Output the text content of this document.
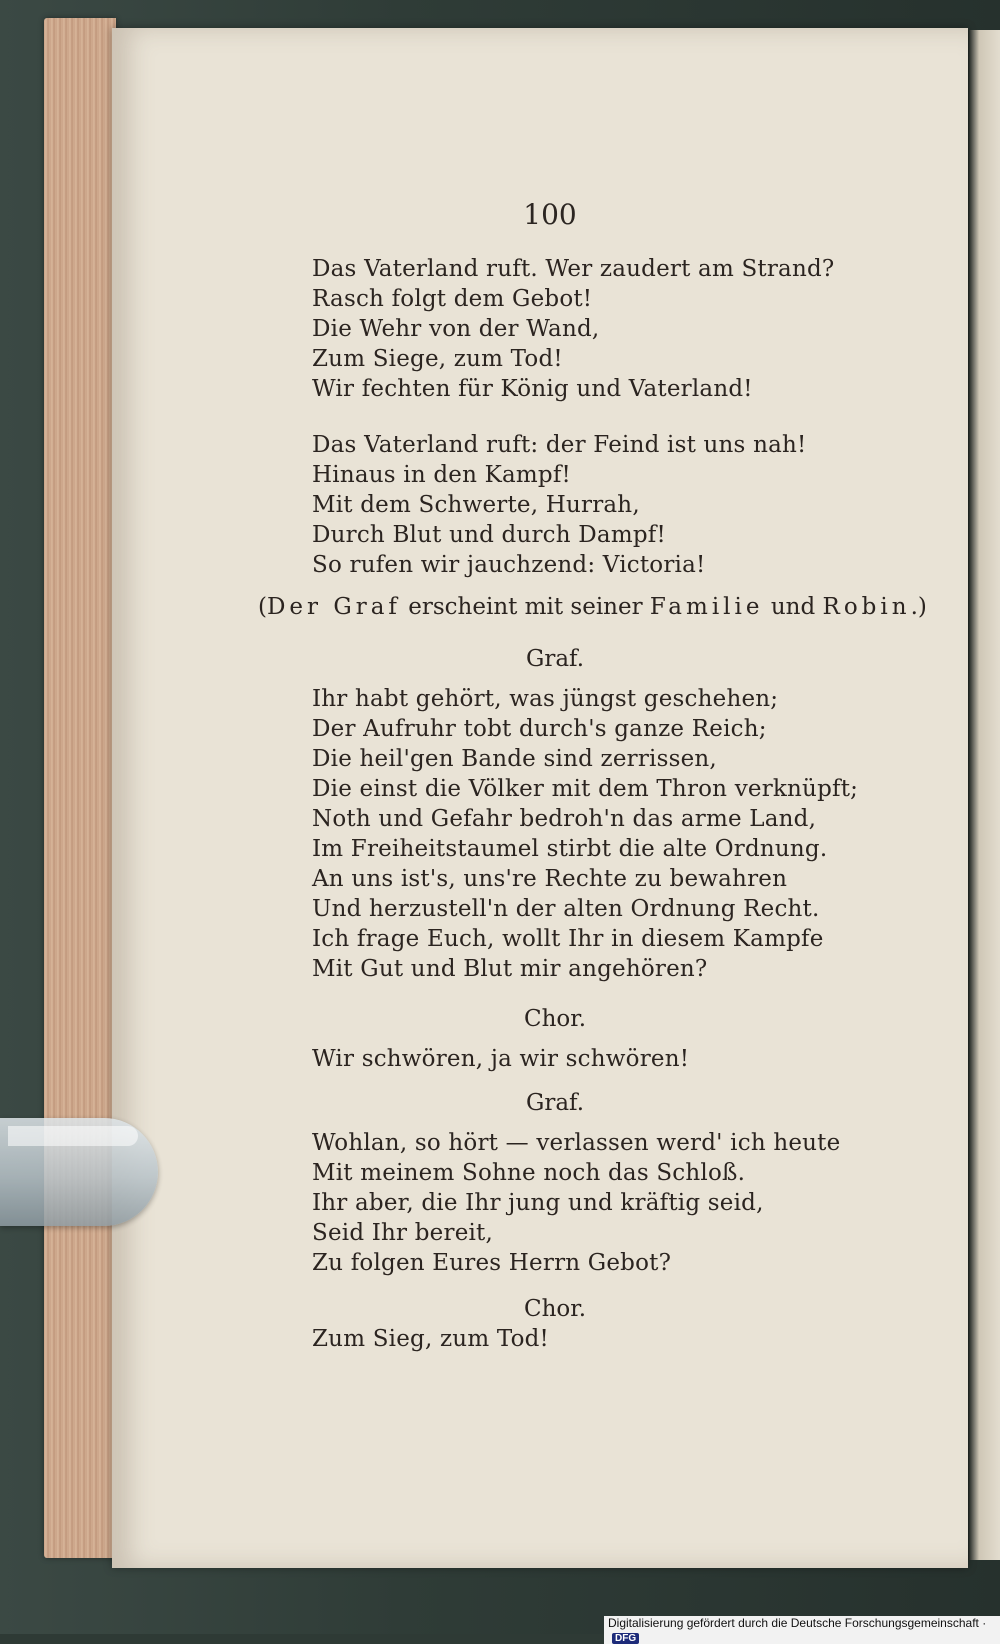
100
Das Vaterland ruft. Wer zaudert am Strand?
Rasch folgt dem Gebot!
Die Wehr von der Wand,
Zum Siege, zum Tod!
Wir fechten für König und Vaterland!
Das Vaterland ruft: der Feind ist uns nah!
Hinaus in den Kampf!
Mit dem Schwerte, Hurrah,
Durch Blut und durch Dampf!
So rufen wir jauchzend: Victoria!
(Der Graf erscheint mit seiner Familie und Robin.)
Graf.
Ihr habt gehört, was jüngst geschehen;
Der Aufruhr tobt durch's ganze Reich;
Die heil'gen Bande sind zerrissen,
Die einst die Völker mit dem Thron verknüpft;
Noth und Gefahr bedroh'n das arme Land,
Im Freiheitstaumel stirbt die alte Ordnung.
An uns ist's, uns're Rechte zu bewahren
Und herzustell'n der alten Ordnung Recht.
Ich frage Euch, wollt Ihr in diesem Kampfe
Mit Gut und Blut mir angehören?
Chor.
Wir schwören, ja wir schwören!
Graf.
Wohlan, so hört — verlassen werd' ich heute
Mit meinem Sohne noch das Schloß.
Ihr aber, die Ihr jung und kräftig seid,
Seid Ihr bereit,
Zu folgen Eures Herrn Gebot?
Chor.
Zum Sieg, zum Tod!
Digitalisierung gefördert durch die Deutsche Forschungsgemeinschaft ·DFG
